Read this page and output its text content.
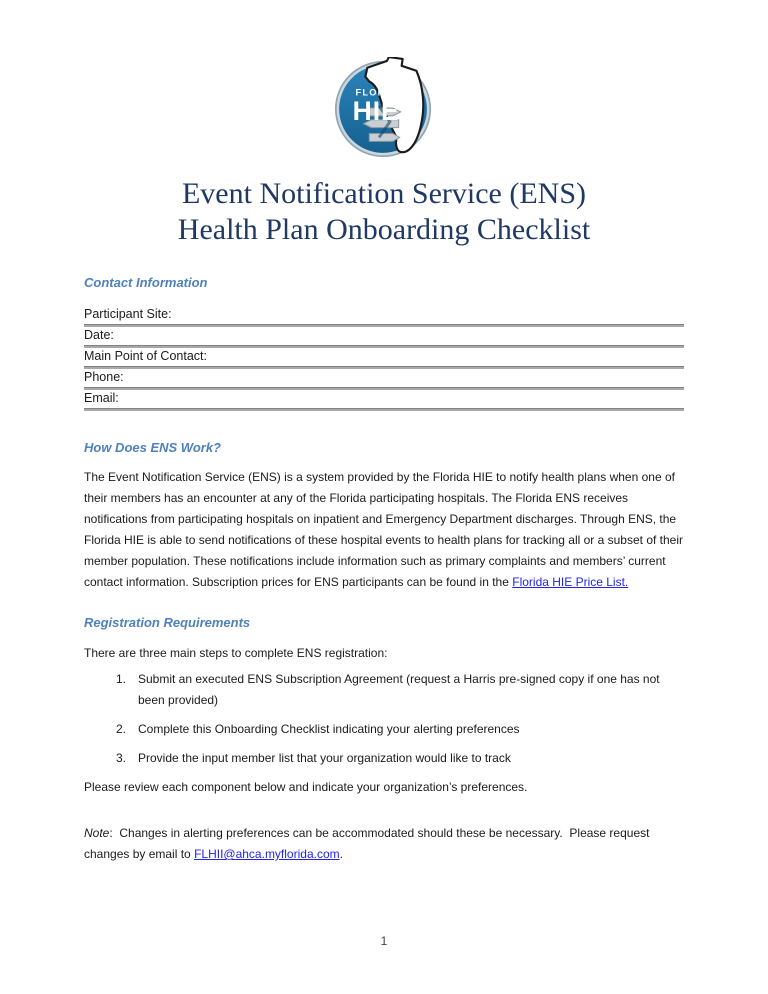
FLORIDA
HIE
Event Notification Service (ENS)
Health Plan Onboarding Checklist
Contact Information
Participant Site:
Date:
Main Point of Contact:
Phone:
Email:
How Does ENS Work?

The Event Notification Service (ENS) is a system provided by the Florida HIE to notify health plans when one of their members has an encounter at any of the Florida participating hospitals. The Florida ENS receives notifications from participating hospitals on inpatient and Emergency Department discharges. Through ENS, the Florida HIE is able to send notifications of these hospital events to health plans for tracking all or a subset of their member population. These notifications include information such as primary complaints and members’ current contact information. Subscription prices for ENS participants can be found in the Florida HIE Price List.

Registration Requirements

There are three main steps to complete ENS registration:

1. Submit an executed ENS Subscription Agreement (request a Harris pre-signed copy if one has not been provided)
2. Complete this Onboarding Checklist indicating your alerting preferences
3. Provide the input member list that your organization would like to track

Please review each component below and indicate your organization’s preferences.

Note:  Changes in alerting preferences can be accommodated should these be necessary.  Please request changes by email to FLHII@ahca.myflorida.com.

1
